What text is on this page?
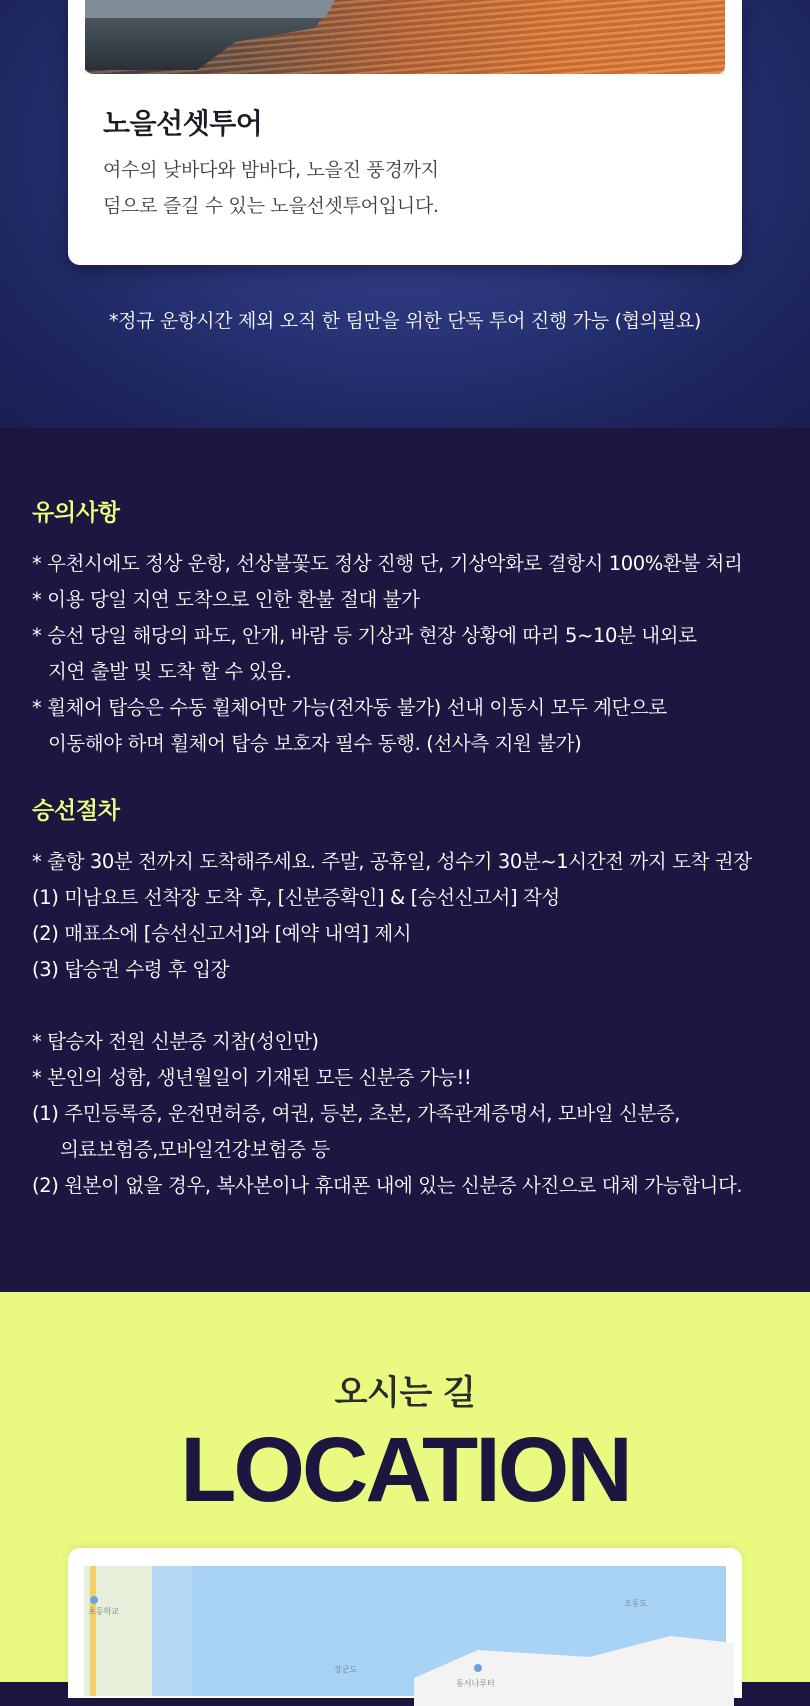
노을선셋투어
여수의 낮바다와 밤바다, 노을진 풍경까지
덤으로 즐길 수 있는 노을선셋투어입니다.
*정규 운항시간 제외 오직 한 팀만을 위한 단독 투어 진행 가능 (협의필요)
유의사항
* 우천시에도 정상 운항, 선상불꽃도 정상 진행 단, 기상악화로 결항시 100%환불 처리
* 이용 당일 지연 도착으로 인한 환불 절대 불가
* 승선 당일 해당의 파도, 안개, 바람 등 기상과 현장 상황에 따리 5~10분 내외로
지연 출발 및 도착 할 수 있음.
* 휠체어 탑승은 수동 휠체어만 가능(전자동 불가) 선내 이동시 모두 계단으로
이동해야 하며 휠체어 탑승 보호자 필수 동행. (선사측 지원 불가)
승선절차
* 출항 30분 전까지 도착해주세요. 주말, 공휴일, 성수기 30분~1시간전 까지 도착 권장
(1) 미남요트 선착장 도착 후, [신분증확인] & [승선신고서] 작성
(2) 매표소에 [승선신고서]와 [예약 내역] 제시
(3) 탑승권 수령 후 입장
* 탑승자 전원 신분증 지참(성인만)
* 본인의 성함, 생년월일이 기재된 모든 신분증 가능!!
(1) 주민등록증, 운전면허증, 여권, 등본, 초본, 가족관계증명서, 모바일 신분증,
의료보험증,모바일건강보험증 등
(2) 원본이 없을 경우, 복사본이나 휴대폰 내에 있는 신분증 사진으로 대체 가능합니다.
오시는 길
LOCATION
초등학교
오동도
장군도
동서나루터
